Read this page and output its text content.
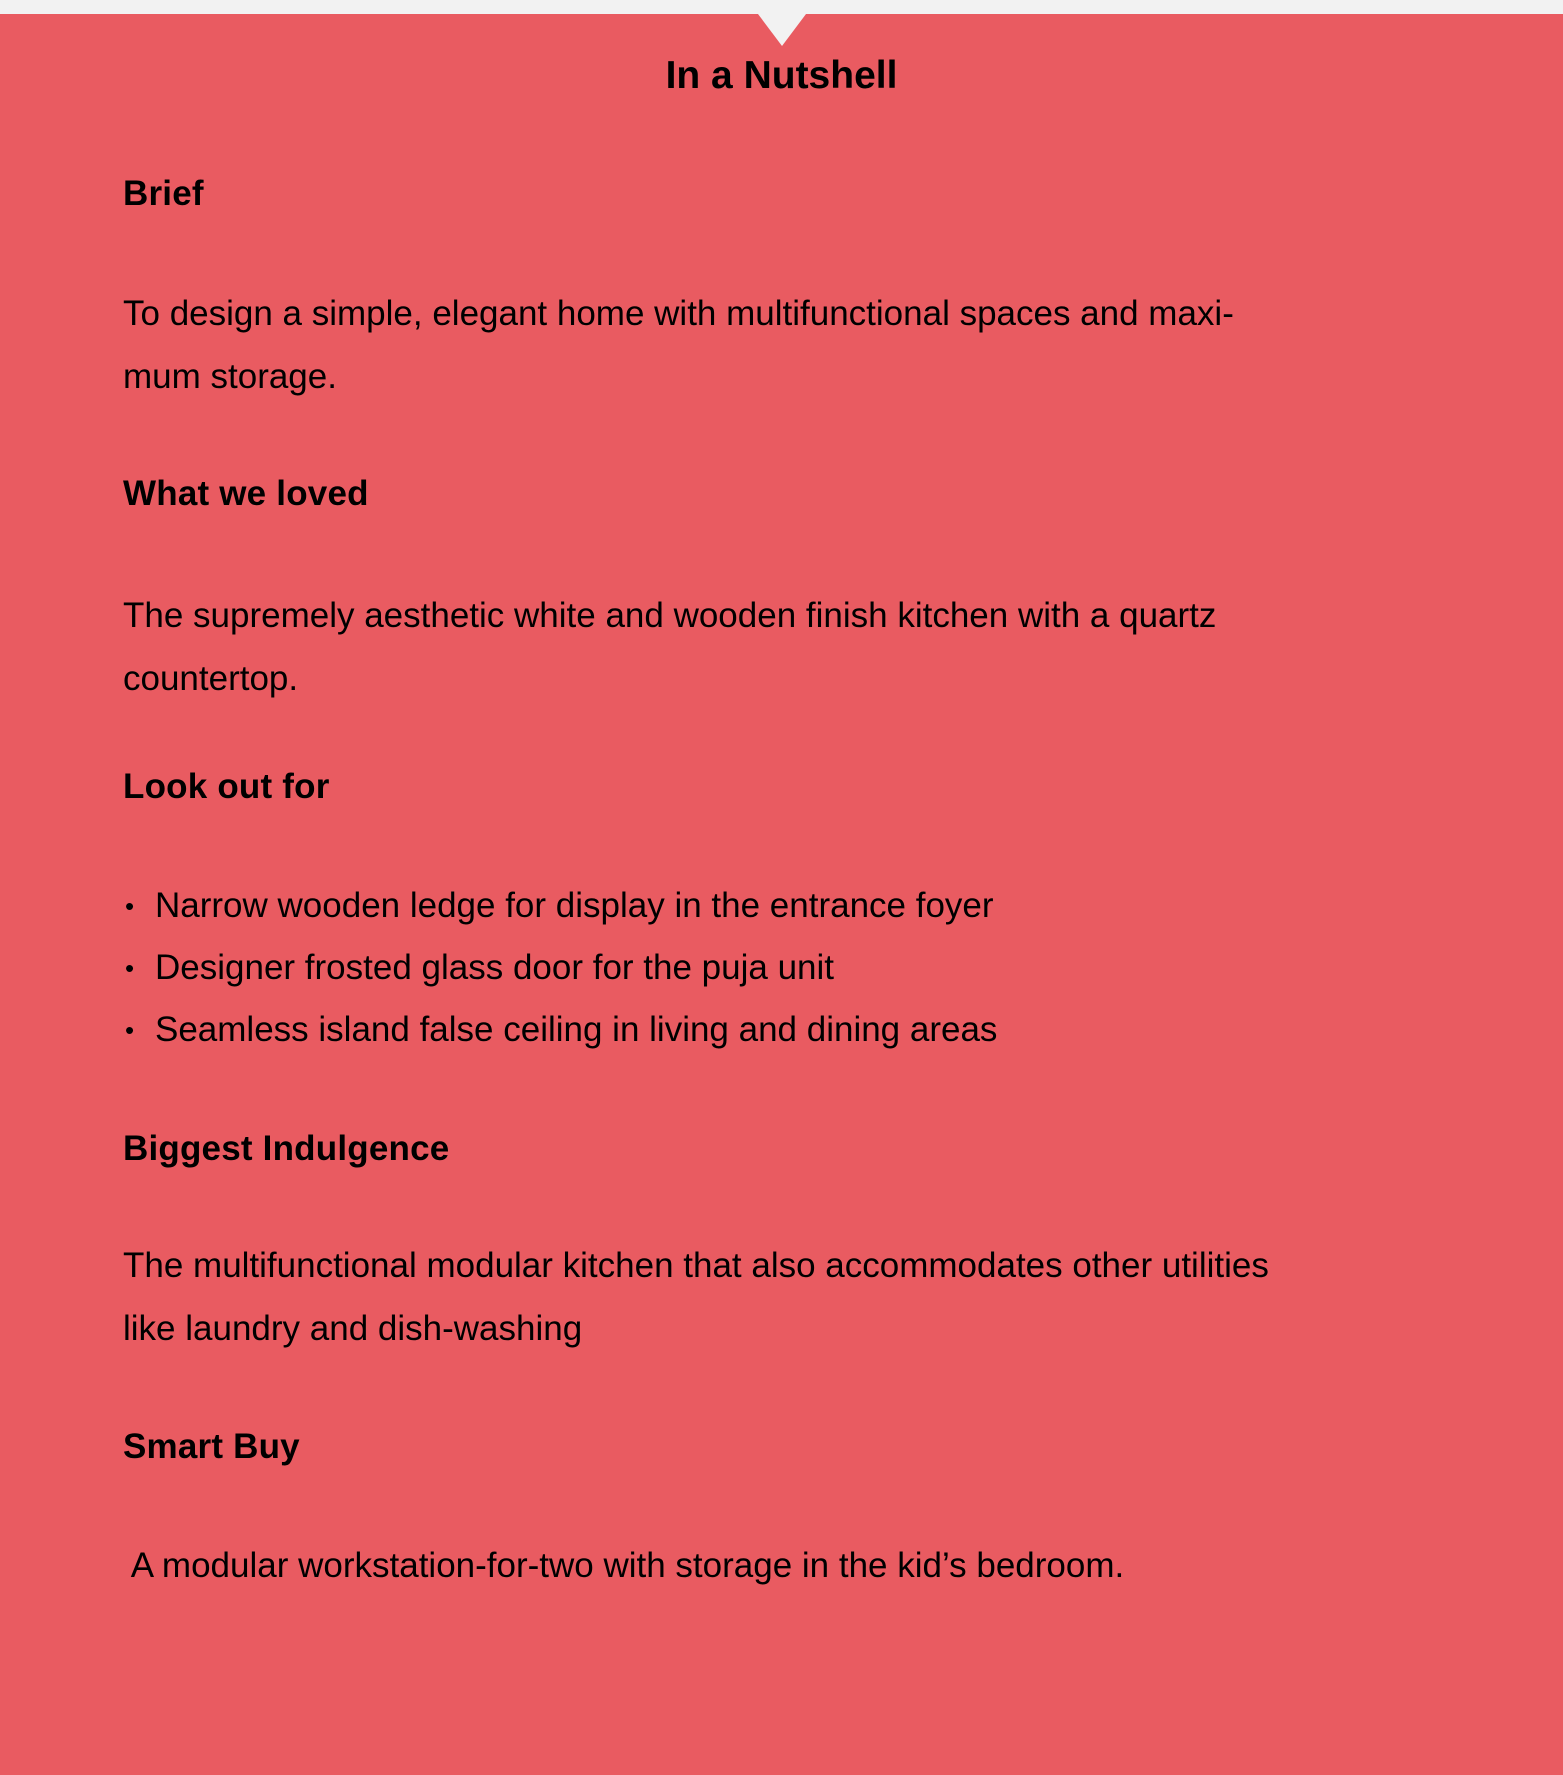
In a Nutshell
Brief

To design a simple, elegant home with multifunctional spaces and maxi-
mum storage.

What we loved

The supremely aesthetic white and wooden finish kitchen with a quartz
countertop.

Look out for
• Narrow wooden ledge for display in the entrance foyer
• Designer frosted glass door for the puja unit
• Seamless island false ceiling in living and dining areas
Biggest Indulgence

The multifunctional modular kitchen that also accommodates other utilities
like laundry and dish-washing

Smart Buy

A modular workstation-for-two with storage in the kid’s bedroom.
